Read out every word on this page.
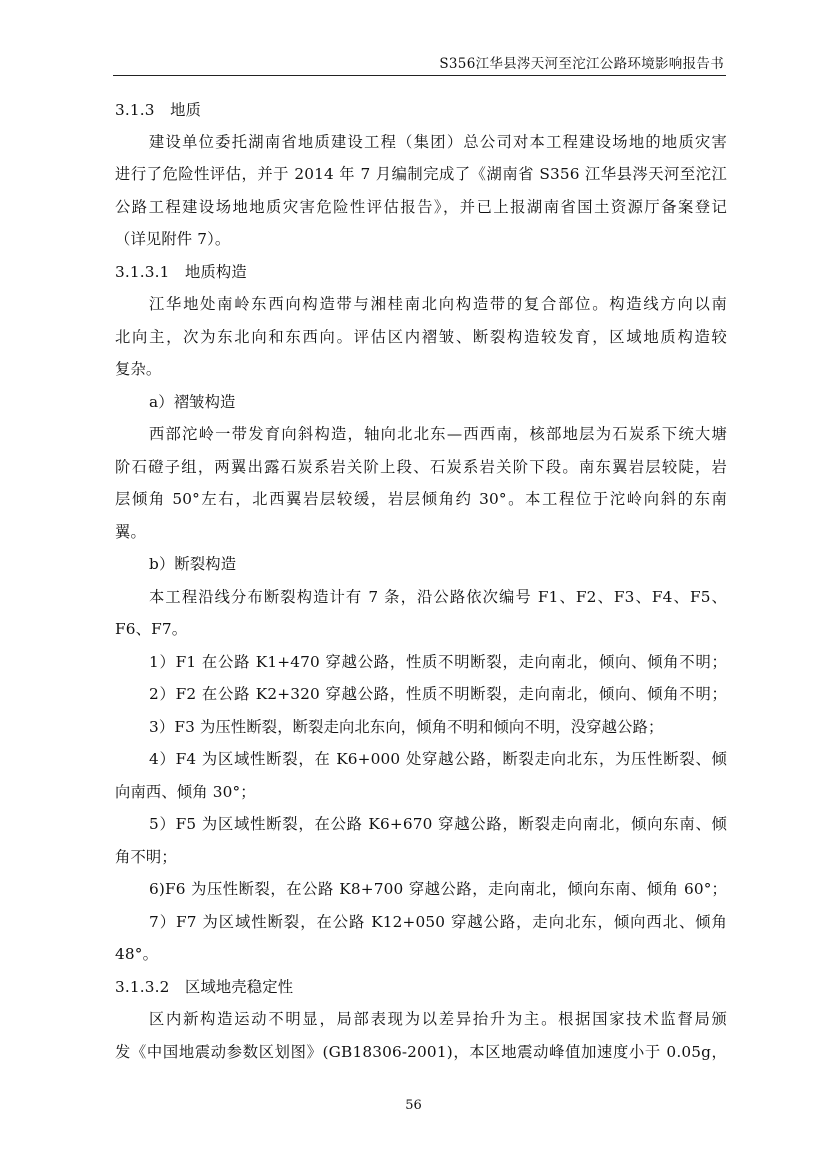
S356江华县涔天河至沱江公路环境影响报告书
3.1.3　地质
建设单位委托湖南省地质建设工程（集团）总公司对本工程建设场地的地质灾害
进行了危险性评估，并于 2014 年 7 月编制完成了《湖南省 S356 江华县涔天河至沱江
公路工程建设场地地质灾害危险性评估报告》，并已上报湖南省国土资源厅备案登记
（详见附件 7）。
3.1.3.1　地质构造
江华地处南岭东西向构造带与湘桂南北向构造带的复合部位。构造线方向以南
北向主，次为东北向和东西向。评估区内褶皱、断裂构造较发育，区域地质构造较
复杂。
a）褶皱构造
西部沱岭一带发育向斜构造，轴向北北东—西西南，核部地层为石炭系下统大塘
阶石磴子组，两翼出露石炭系岩关阶上段、石炭系岩关阶下段。南东翼岩层较陡，岩
层倾角 50°左右，北西翼岩层较缓，岩层倾角约 30°。本工程位于沱岭向斜的东南
翼。
b）断裂构造
本工程沿线分布断裂构造计有 7 条，沿公路依次编号 F1、F2、F3、F4、F5、
F6、F7。
1）F1 在公路 K1+470 穿越公路，性质不明断裂，走向南北，倾向、倾角不明；
2）F2 在公路 K2+320 穿越公路，性质不明断裂，走向南北，倾向、倾角不明；
3）F3 为压性断裂，断裂走向北东向，倾角不明和倾向不明，没穿越公路；
4）F4 为区域性断裂，在 K6+000 处穿越公路，断裂走向北东，为压性断裂、倾
向南西、倾角 30°；
5）F5 为区域性断裂，在公路 K6+670 穿越公路，断裂走向南北，倾向东南、倾
角不明；
6)F6 为压性断裂，在公路 K8+700 穿越公路，走向南北，倾向东南、倾角 60°；
7）F7 为区域性断裂，在公路 K12+050 穿越公路，走向北东，倾向西北、倾角
48°。
3.1.3.2　区域地壳稳定性
区内新构造运动不明显，局部表现为以差异抬升为主。根据国家技术监督局颁
发《中国地震动参数区划图》(GB18306-2001)，本区地震动峰值加速度小于 0.05g，
56
